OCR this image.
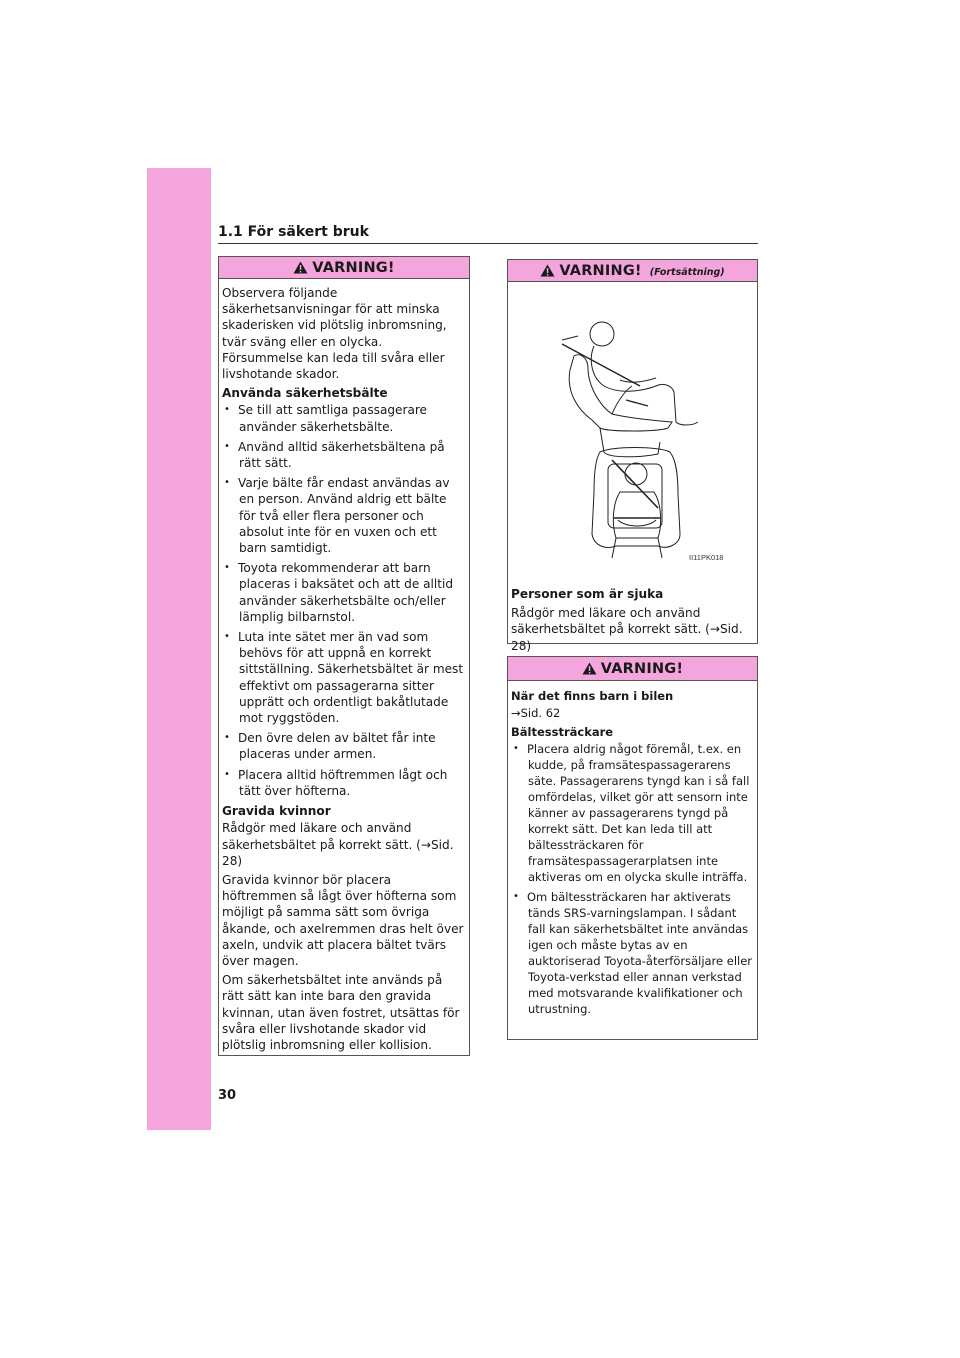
1.1 För säkert bruk
VARNING!

Observera följande säkerhetsanvisningar för att minska skaderisken vid plötslig inbromsning, tvär sväng eller en olycka. Försummelse kan leda till svåra eller livshotande skador.

Använda säkerhetsbälte
• Se till att samtliga passagerare använder säkerhetsbälte.
• Använd alltid säkerhetsbältena på rätt sätt.
• Varje bälte får endast användas av en person. Använd aldrig ett bälte för två eller flera personer och absolut inte för en vuxen och ett barn samtidigt.
• Toyota rekommenderar att barn placeras i baksätet och att de alltid använder säkerhetsbälte och/eller lämplig bilbarnstol.
• Luta inte sätet mer än vad som behövs för att uppnå en korrekt sittställning. Säkerhetsbältet är mest effektivt om passagerarna sitter upprätt och ordentligt bakåtlutade mot ryggstöden.
• Den övre delen av bältet får inte placeras under armen.
• Placera alltid höftremmen lågt och tätt över höfterna.
Gravida kvinnor

Rådgör med läkare och använd säkerhetsbältet på korrekt sätt. (→Sid. 28)

Gravida kvinnor bör placera höftremmen så lågt över höfterna som möjligt på samma sätt som övriga åkande, och axelremmen dras helt över axeln, undvik att placera bältet tvärs över magen.

Om säkerhetsbältet inte används på rätt sätt kan inte bara den gravida kvinnan, utan även fostret, utsättas för svåra eller livshotande skador vid plötslig inbromsning eller kollision.

VARNING! (Fortsättning)
II11PK018
Personer som är sjuka

Rådgör med läkare och använd säkerhetsbältet på korrekt sätt. (→Sid. 28)

VARNING!
När det finns barn i bilen

→Sid. 62

Bältessträckare
• Placera aldrig något föremål, t.ex. en kudde, på framsätespassagerarens säte. Passagerarens tyngd kan i så fall omfördelas, vilket gör att sensorn inte känner av passagerarens tyngd på korrekt sätt. Det kan leda till att bältessträckaren för framsätespassagerarplatsen inte aktiveras om en olycka skulle inträffa.
• Om bältessträckaren har aktiverats tänds SRS-varningslampan. I sådant fall kan säkerhetsbältet inte användas igen och måste bytas av en auktoriserad Toyota-återförsäljare eller Toyota-verkstad eller annan verkstad med motsvarande kvalifikationer och utrustning.
30
